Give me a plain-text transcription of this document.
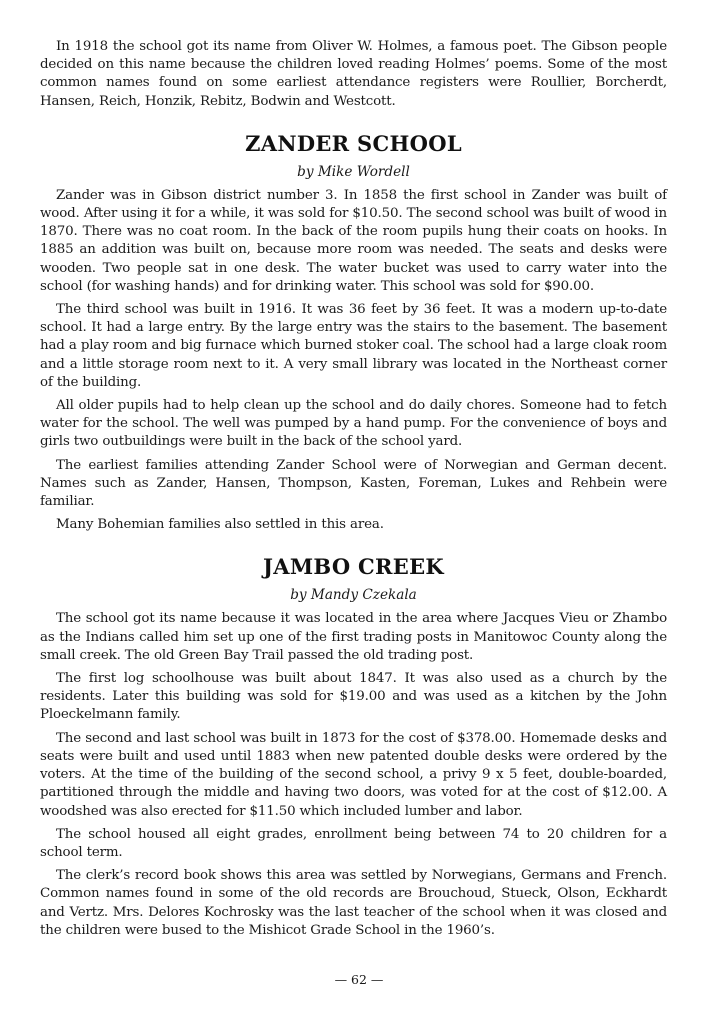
In 1918 the school got its name from Oliver W. Holmes, a famous poet. The Gibson people decided on this name because the children loved reading Holmes’ poems. Some of the most common names found on some earliest attendance registers were Roullier, Borcherdt, Hansen, Reich, Honzik, Rebitz, Bodwin and Westcott.

ZANDER SCHOOL
by Mike Wordell

Zander was in Gibson district number 3. In 1858 the first school in Zander was built of wood. After using it for a while, it was sold for $10.50. The second school was built of wood in 1870. There was no coat room. In the back of the room pupils hung their coats on hooks. In 1885 an addition was built on, because more room was needed. The seats and desks were wooden. Two people sat in one desk. The water bucket was used to carry water into the school (for washing hands) and for drinking water. This school was sold for $90.00.

The third school was built in 1916. It was 36 feet by 36 feet. It was a modern up-to-date school. It had a large entry. By the large entry was the stairs to the basement. The basement had a play room and big furnace which burned stoker coal. The school had a large cloak room and a little storage room next to it. A very small library was located in the Northeast corner of the building.

All older pupils had to help clean up the school and do daily chores. Someone had to fetch water for the school. The well was pumped by a hand pump. For the convenience of boys and girls two outbuildings were built in the back of the school yard.

The earliest families attending Zander School were of Norwegian and German decent. Names such as Zander, Hansen, Thompson, Kasten, Foreman, Lukes and Rehbein were familiar.

Many Bohemian families also settled in this area.

JAMBO CREEK
by Mandy Czekala

The school got its name because it was located in the area where Jacques Vieu or Zhambo as the Indians called him set up one of the first trading posts in Manitowoc County along the small creek. The old Green Bay Trail passed the old trading post.

The first log schoolhouse was built about 1847. It was also used as a church by the residents. Later this building was sold for $19.00 and was used as a kitchen by the John Ploeckelmann family.

The second and last school was built in 1873 for the cost of $378.00. Homemade desks and seats were built and used until 1883 when new patented double desks were ordered by the voters. At the time of the building of the second school, a privy 9 x 5 feet, double-boarded, partitioned through the middle and having two doors, was voted for at the cost of $12.00. A woodshed was also erected for $11.50 which included lumber and labor.

The school housed all eight grades, enrollment being between 74 to 20 children for a school term.

The clerk’s record book shows this area was settled by Norwegians, Germans and French. Common names found in some of the old records are Brouchoud, Stueck, Olson, Eckhardt and Vertz. Mrs. Delores Kochrosky was the last teacher of the school when it was closed and the children were bused to the Mishicot Grade School in the 1960’s.

— 62 —
